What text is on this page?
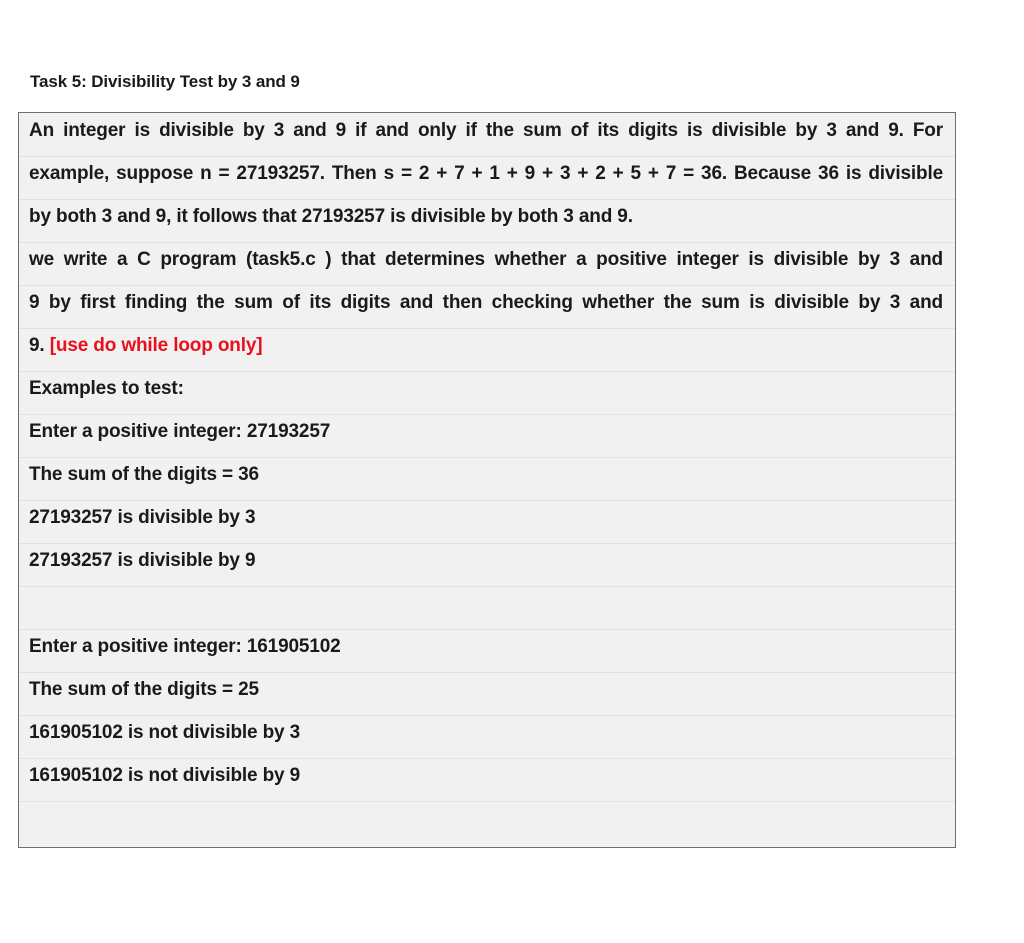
Task 5: Divisibility Test by 3 and 9
An integer is divisible by 3 and 9 if and only if the sum of its digits is divisible by 3 and 9. For
example, suppose n = 27193257. Then s = 2 + 7 + 1 + 9 + 3 + 2 + 5 + 7 = 36. Because 36 is divisible
by both 3 and 9, it follows that 27193257 is divisible by both 3 and 9.
we write a C program (task5.c ) that determines whether a positive integer is divisible by 3 and
9 by first finding the sum of its digits and then checking whether the sum is divisible by 3 and
9. [use do while loop only]
Examples to test:
Enter a positive integer: 27193257
The sum of the digits = 36
27193257 is divisible by 3
27193257 is divisible by 9
Enter a positive integer: 161905102
The sum of the digits = 25
161905102 is not divisible by 3
161905102 is not divisible by 9
